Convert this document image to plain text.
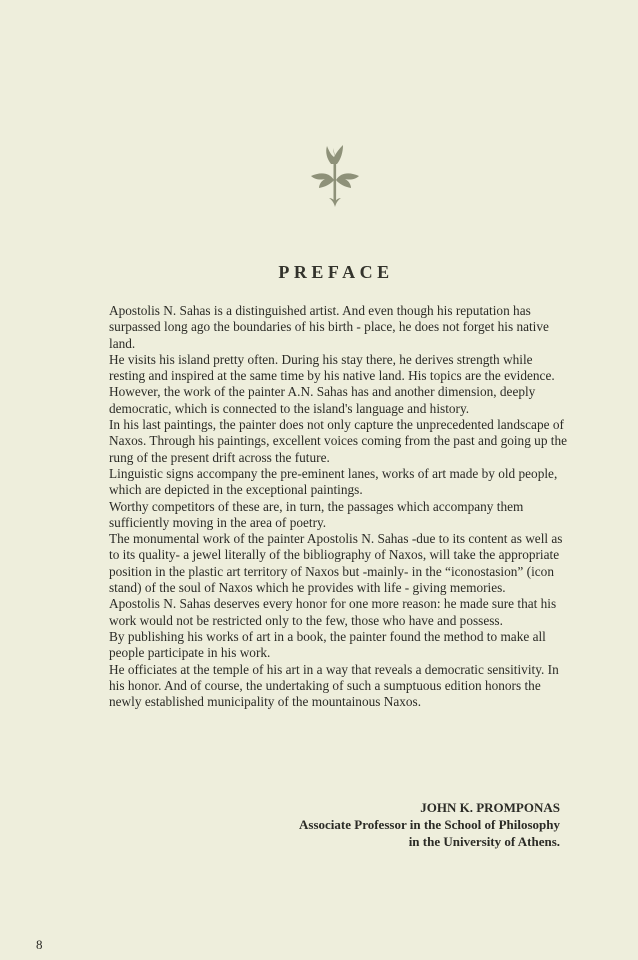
PREFACE

Apostolis N. Sahas is a distinguished artist. And even though his reputation has surpassed long ago the boundaries of his birth - place, he does not forget his native land.

He visits his island pretty often. During his stay there, he derives strength while resting and inspired at the same time by his native land. His topics are the evidence. However, the work of the painter A.N. Sahas has and another dimension, deeply democratic, which is connected to the island's language and history.

In his last paintings, the painter does not only capture the unprecedented landscape of Naxos. Through his paintings, excellent voices coming from the past and going up the rung of the present drift across the future.

Linguistic signs accompany the pre-eminent lanes, works of art made by old people, which are depicted in the exceptional paintings.

Worthy competitors of these are, in turn, the passages which accompany them sufficiently moving in the area of poetry.

The monumental work of the painter Apostolis N. Sahas -due to its content as well as to its quality- a jewel literally of the bibliography of Naxos, will take the appropriate position in the plastic art territory of Naxos but -mainly- in the “iconostasion” (icon stand) of the soul of Naxos which he provides with life - giving memories.

Apostolis N. Sahas deserves every honor for one more reason: he made sure that his work would not be restricted only to the few, those who have and possess.

By publishing his works of art in a book, the painter found the method to make all people participate in his work.

He officiates at the temple of his art in a way that reveals a democratic sensitivity. In his honor. And of course, the undertaking of such a sumptuous edition honors the newly established municipality of the mountainous Naxos.

JOHN K. PROMPONAS
Associate Professor in the School of Philosophy
in the University of Athens.
8
